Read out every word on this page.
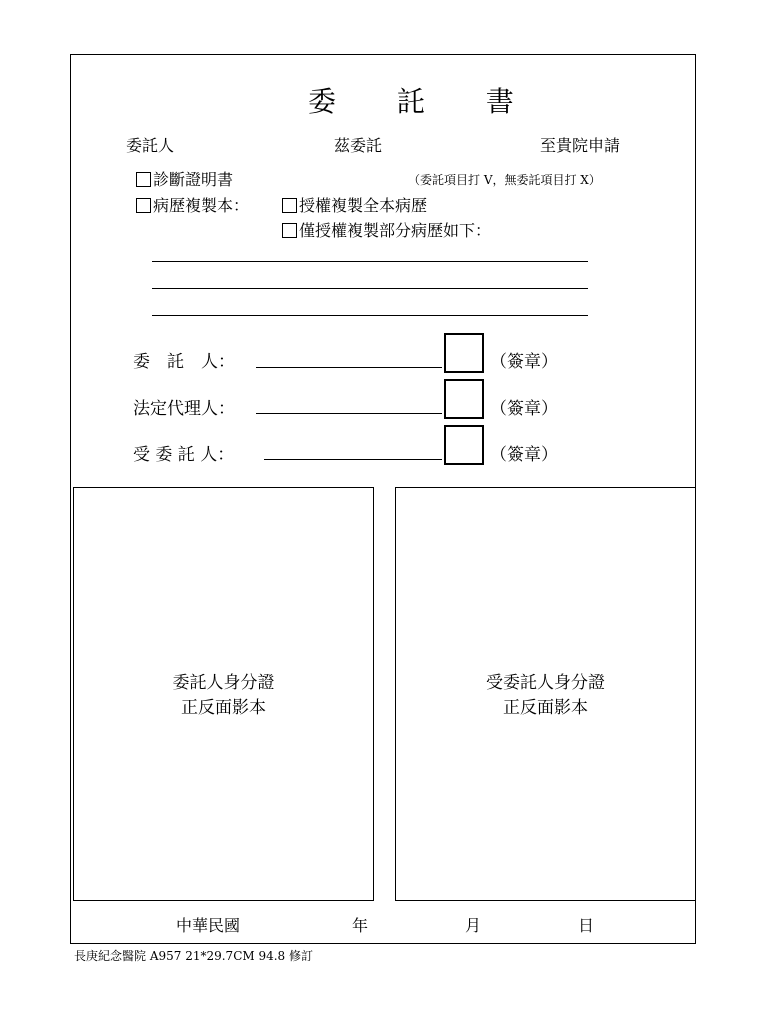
委 託 書
委託人	茲委託	至貴院申請
診斷證明書	（委託項目打 V，無委託項目打 X）
病歷複製本：	授權複製全本病歷
僅授權複製部分病歷如下：
委　託　人：	（簽章）
法定代理人：	（簽章）
受 委 託 人：	（簽章）
委託人身分證
正反面影本
受委託人身分證
正反面影本
中華民國	年	月	日
長庚紀念醫院 A957 21*29.7CM 94.8 修訂
